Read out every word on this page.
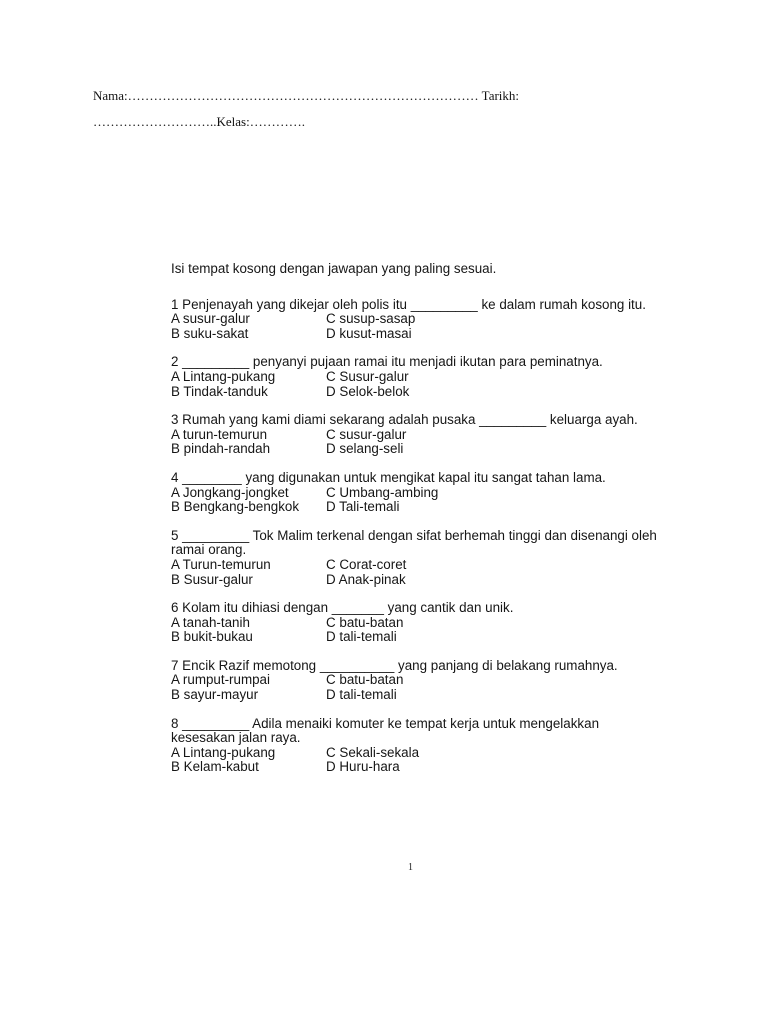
Nama:……………………………………………………………………… Tarikh:
………………………..Kelas:………….

Isi tempat kosong dengan jawapan yang paling sesuai.

1 Penjenayah yang dikejar oleh polis itu _________ ke dalam rumah kosong itu.

A susur-galur	C susup-sasap
B suku-sakat	D kusut-masai

2 _________ penyanyi pujaan ramai itu menjadi ikutan para peminatnya.

A Lintang-pukang	C Susur-galur
B Tindak-tanduk	D Selok-belok

3 Rumah yang kami diami sekarang adalah pusaka _________ keluarga ayah.

A turun-temurun	C susur-galur
B pindah-randah	D selang-seli

4 ________ yang digunakan untuk mengikat kapal itu sangat tahan lama.

A Jongkang-jongket	C Umbang-ambing
B Bengkang-bengkok	D Tali-temali

5 _________ Tok Malim terkenal dengan sifat berhemah tinggi dan disenangi oleh ramai orang.

A Turun-temurun	C Corat-coret
B Susur-galur	D Anak-pinak

6 Kolam itu dihiasi dengan _______ yang cantik dan unik.

A tanah-tanih	C batu-batan
B bukit-bukau	D tali-temali

7 Encik Razif memotong __________ yang panjang di belakang rumahnya.

A rumput-rumpai	C batu-batan
B sayur-mayur	D tali-temali

8 _________ Adila menaiki komuter ke tempat kerja untuk mengelakkan kesesakan jalan raya.

A Lintang-pukang	C Sekali-sekala
B Kelam-kabut	D Huru-hara
1
